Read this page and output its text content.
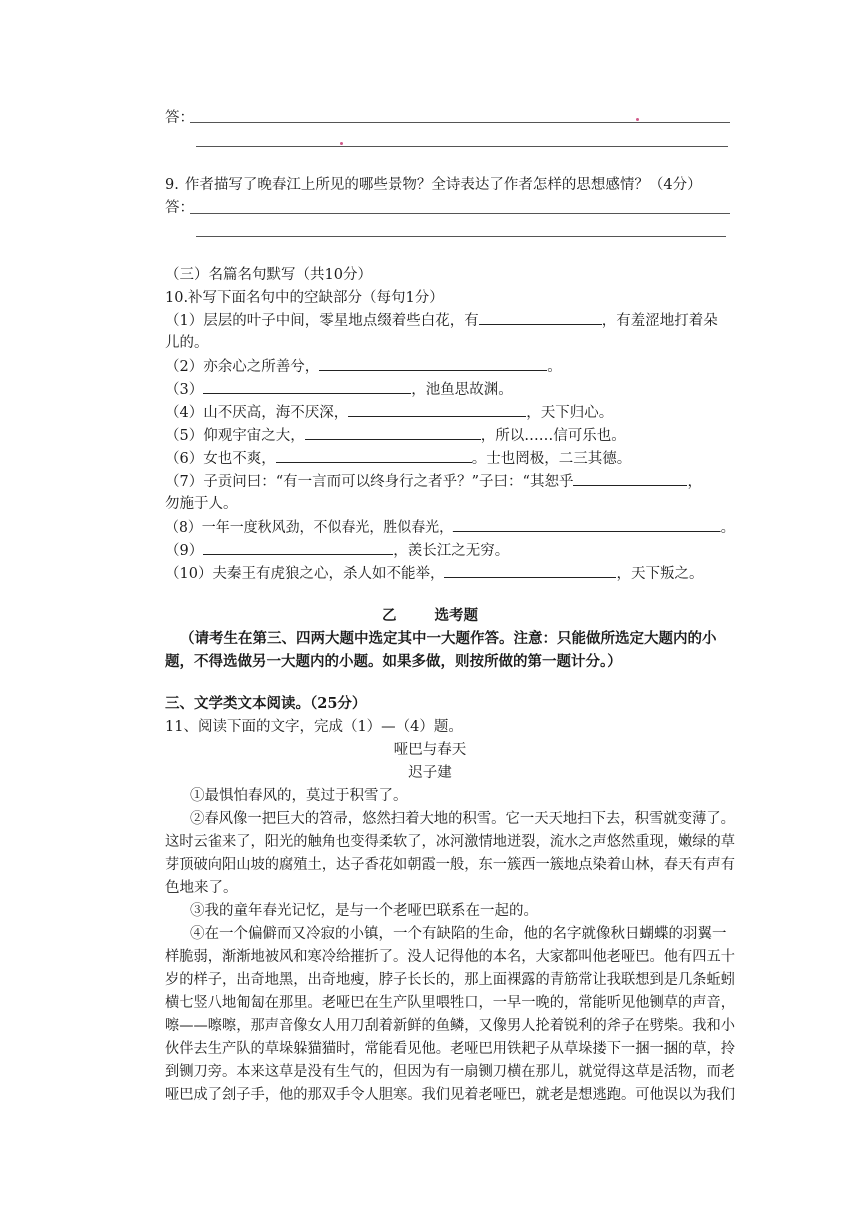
答：
9. 作者描写了晚春江上所见的哪些景物？全诗表达了作者怎样的思想感情？（4分）
答：
（三）名篇名句默写（共10分）
10.补写下面名句中的空缺部分（每句1分）
（1）层层的叶子中间，零星地点缀着些白花，有	，有羞涩地打着朵
儿的。
（2）亦余心之所善兮，	。
（3）	，池鱼思故渊。
（4）山不厌高，海不厌深，	，天下归心。
（5）仰观宇宙之大，	，所以……信可乐也。
（6）女也不爽，	。士也罔极，二三其德。
（7）子贡问曰：“有一言而可以终身行之者乎？”子曰：“其恕乎	，
勿施于人。
（8）一年一度秋风劲，不似春光，胜似春光，	。
（9）	，羡长江之无穷。
（10）夫秦王有虎狼之心，杀人如不能举，	，天下叛之。
乙	选考题
（请考生在第三、四两大题中选定其中一大题作答。注意：只能做所选定大题内的小
题，不得选做另一大题内的小题。如果多做，则按所做的第一题计分。）
三、文学类文本阅读。（25分）
11、阅读下面的文字，完成（1）—（4）题。
哑巴与春天
迟子建
①最惧怕春风的，莫过于积雪了。
②春风像一把巨大的笤帚，悠然扫着大地的积雪。它一天天地扫下去，积雪就变薄了。
这时云雀来了，阳光的触角也变得柔软了，冰河激情地迸裂，流水之声悠然重现，嫩绿的草
芽顶破向阳山坡的腐殖土，达子香花如朝霞一般，东一簇西一簇地点染着山林，春天有声有
色地来了。
③我的童年春光记忆，是与一个老哑巴联系在一起的。
④在一个偏僻而又冷寂的小镇，一个有缺陷的生命，他的名字就像秋日蝴蝶的羽翼一
样脆弱，渐渐地被风和寒冷给摧折了。没人记得他的本名，大家都叫他老哑巴。他有四五十
岁的样子，出奇地黑，出奇地瘦，脖子长长的，那上面裸露的青筋常让我联想到是几条蚯蚓
横七竖八地匍匐在那里。老哑巴在生产队里喂牲口，一早一晚的，常能听见他铡草的声音，
嚓——嚓嚓，那声音像女人用刀刮着新鲜的鱼鳞，又像男人抡着锐利的斧子在劈柴。我和小
伙伴去生产队的草垛躲猫猫时，常能看见他。老哑巴用铁耙子从草垛搂下一捆一捆的草，拎
到铡刀旁。本来这草是没有生气的，但因为有一扇铡刀横在那儿，就觉得这草是活物，而老
哑巴成了刽子手，他的那双手令人胆寒。我们见着老哑巴，就老是想逃跑。可他误以为我们
